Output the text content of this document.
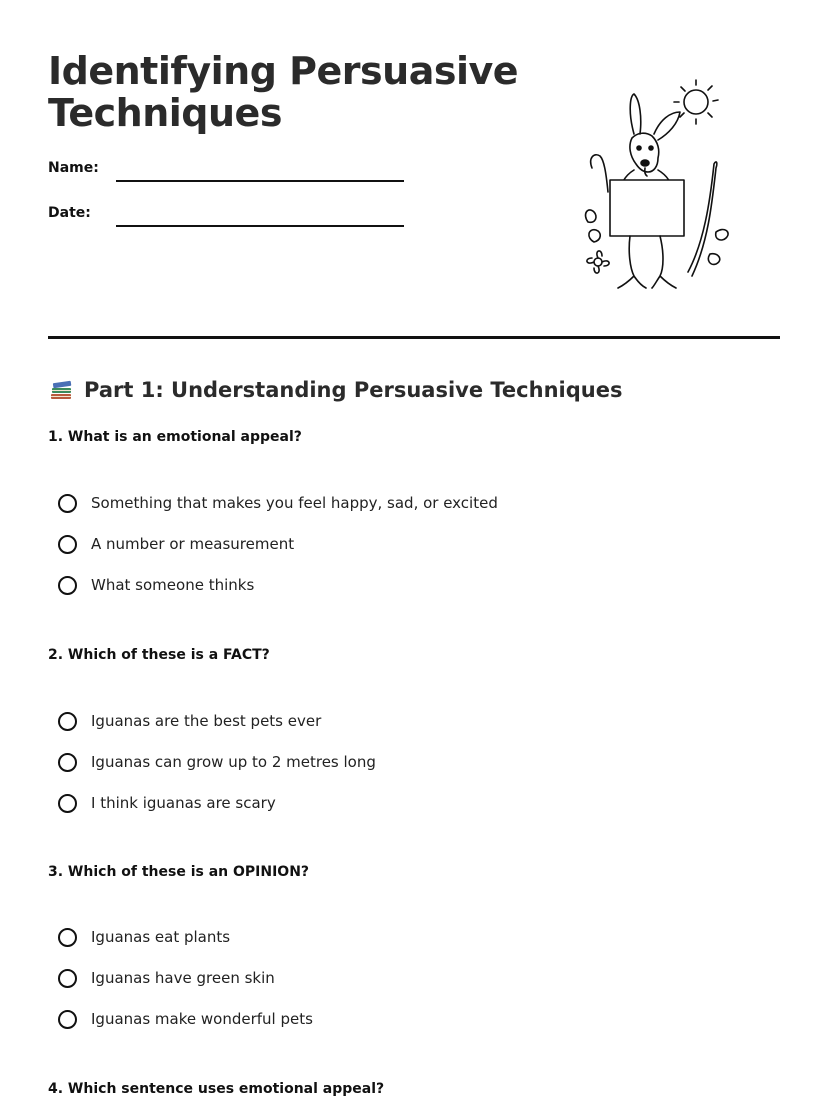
Identifying Persuasive Techniques
Name:
Date:
Part 1: Understanding Persuasive Techniques

1. What is an emotional appeal?

Something that makes you feel happy, sad, or excited
A number or measurement
What someone thinks

2. Which of these is a FACT?

Iguanas are the best pets ever
Iguanas can grow up to 2 metres long
I think iguanas are scary

3. Which of these is an OPINION?

Iguanas eat plants
Iguanas have green skin
Iguanas make wonderful pets

4. Which sentence uses emotional appeal?
